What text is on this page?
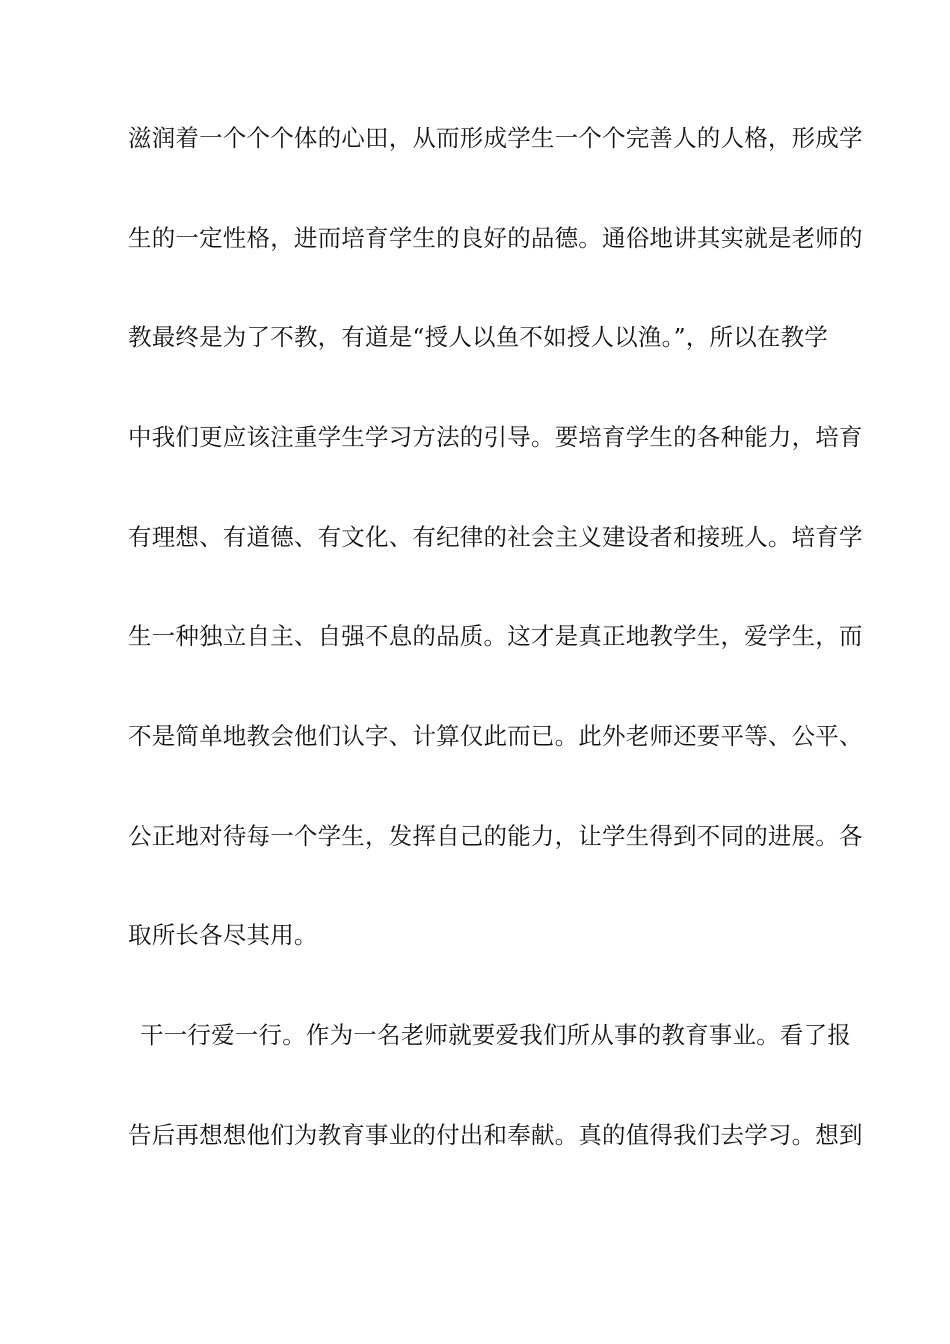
滋润着一个个个体的心田，从而形成学生一个个完善人的人格，形成学
生的一定性格，进而培育学生的良好的品德。通俗地讲其实就是老师的
教最终是为了不教，有道是“授人以鱼不如授人以渔。”，所以在教学
中我们更应该注重学生学习方法的引导。要培育学生的各种能力，培育
有理想、有道德、有文化、有纪律的社会主义建设者和接班人。培育学
生一种独立自主、自强不息的品质。这才是真正地教学生，爱学生，而
不是简单地教会他们认字、计算仅此而已。此外老师还要平等、公平、
公正地对待每一个学生，发挥自己的能力，让学生得到不同的进展。各
取所长各尽其用。
干一行爱一行。作为一名老师就要爱我们所从事的教育事业。看了报
告后再想想他们为教育事业的付出和奉献。真的值得我们去学习。想到
